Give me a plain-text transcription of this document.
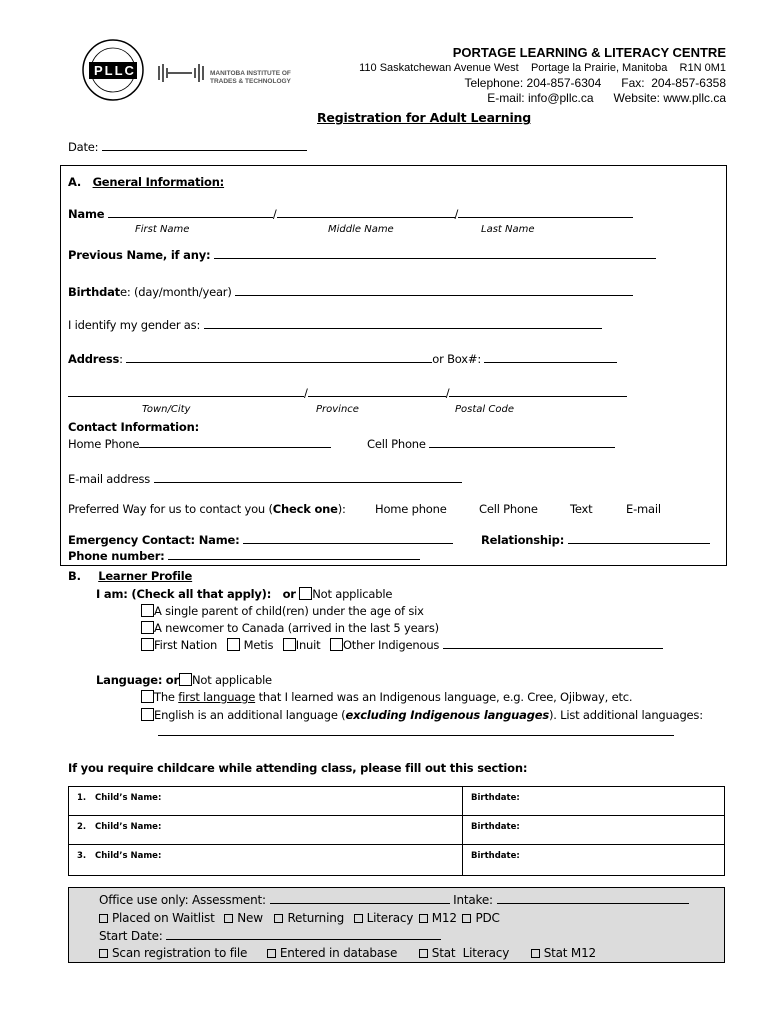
PLLC	MANITOBA INSTITUTE OF
TRADES & TECHNOLOGY
PORTAGE LEARNING & LITERACY CENTRE
110 Saskatchewan Avenue West    Portage la Prairie, Manitoba    R1N 0M1
Telephone: 204-857-6304      Fax:  204-857-6358
E-mail: info@pllc.ca      Website: www.pllc.ca
Registration for Adult Learning
Date:
A. General Information:
Name	/	/
First Name	Middle Name	Last Name
Previous Name, if any:
Birthdate: (day/month/year)
I identify my gender as:
Address:	or Box#:
/	/
Town/City	Province	Postal Code
Contact Information:
Home Phone	Cell Phone
E-mail address
Preferred Way for us to contact you (Check one):	Home phone	Cell Phone	Text	E-mail
Emergency Contact: Name:	Relationship:
Phone number:
B. Learner Profile
I am: (Check all that apply): or Not applicable
A single parent of child(ren) under the age of six
A newcomer to Canada (arrived in the last 5 years)
First Nation Metis Inuit Other Indigenous
Language: or Not applicable
The first language that I learned was an Indigenous language, e.g. Cree, Ojibway, etc.
English is an additional language (excluding Indigenous languages). List additional languages:
If you require childcare while attending class, please fill out this section:
1.   Child’s Name:	Birthdate:
2.   Child’s Name:	Birthdate:
3.   Child’s Name:	Birthdate:
Office use only: Assessment:	Intake:
Placed on Waitlist New Returning Literacy M12 PDC
Start Date:
Scan registration to file	Entered in database	Stat  Literacy	Stat M12
